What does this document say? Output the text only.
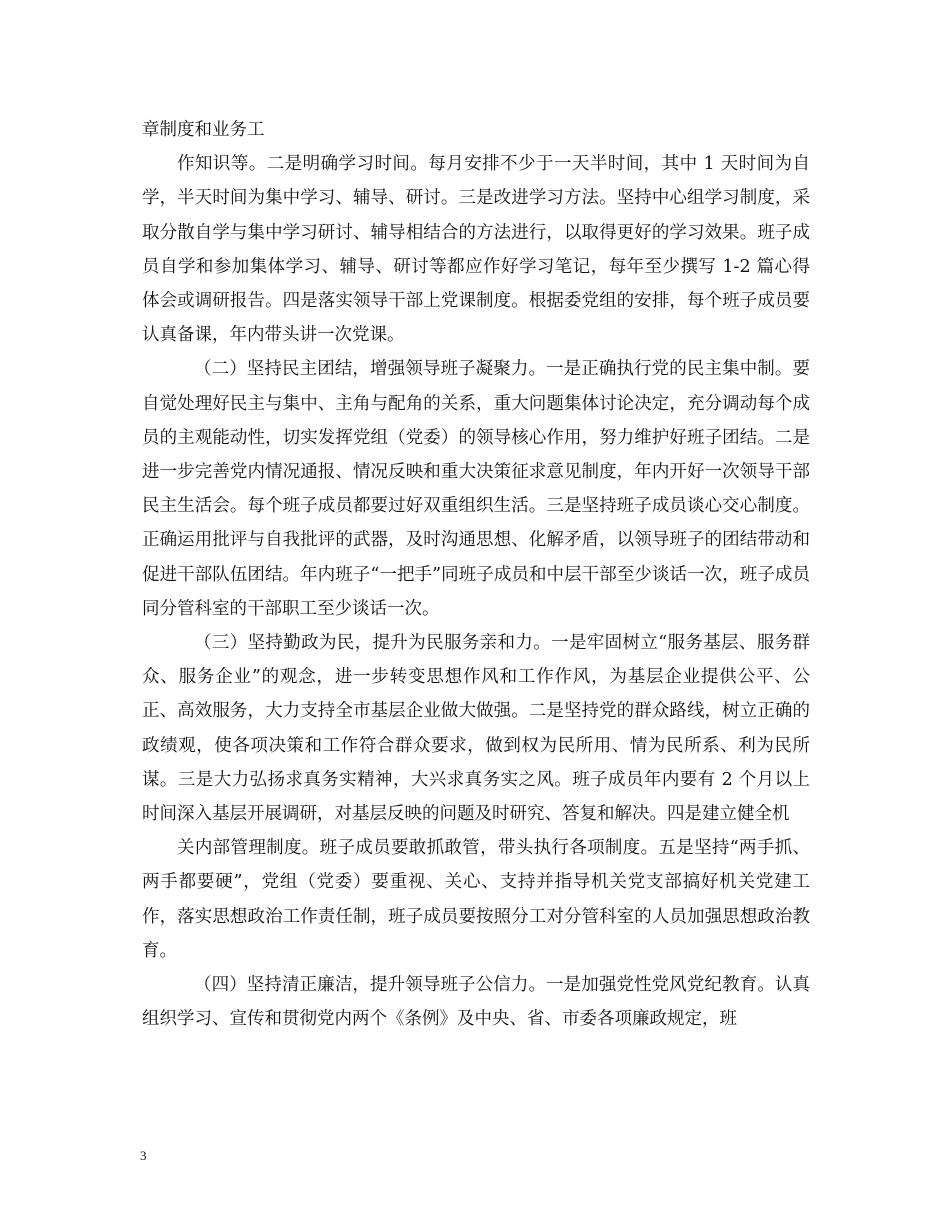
章制度和业务工

作知识等。二是明确学习时间。每月安排不少于一天半时间，其中 1 天时间为自学，半天时间为集中学习、辅导、研讨。三是改进学习方法。坚持中心组学习制度，采取分散自学与集中学习研讨、辅导相结合的方法进行，以取得更好的学习效果。班子成员自学和参加集体学习、辅导、研讨等都应作好学习笔记，每年至少撰写 1-2 篇心得体会或调研报告。四是落实领导干部上党课制度。根据委党组的安排，每个班子成员要认真备课，年内带头讲一次党课。

（二）坚持民主团结，增强领导班子凝聚力。一是正确执行党的民主集中制。要自觉处理好民主与集中、主角与配角的关系，重大问题集体讨论决定，充分调动每个成员的主观能动性，切实发挥党组（党委）的领导核心作用，努力维护好班子团结。二是进一步完善党内情况通报、情况反映和重大决策征求意见制度，年内开好一次领导干部民主生活会。每个班子成员都要过好双重组织生活。三是坚持班子成员谈心交心制度。正确运用批评与自我批评的武器，及时沟通思想、化解矛盾，以领导班子的团结带动和促进干部队伍团结。年内班子“一把手”同班子成员和中层干部至少谈话一次，班子成员同分管科室的干部职工至少谈话一次。

（三）坚持勤政为民，提升为民服务亲和力。一是牢固树立“服务基层、服务群众、服务企业”的观念，进一步转变思想作风和工作作风，为基层企业提供公平、公正、高效服务，大力支持全市基层企业做大做强。二是坚持党的群众路线，树立正确的政绩观，使各项决策和工作符合群众要求，做到权为民所用、情为民所系、利为民所谋。三是大力弘扬求真务实精神，大兴求真务实之风。班子成员年内要有 2 个月以上时间深入基层开展调研，对基层反映的问题及时研究、答复和解决。四是建立健全机

关内部管理制度。班子成员要敢抓敢管，带头执行各项制度。五是坚持“两手抓、两手都要硬”，党组（党委）要重视、关心、支持并指导机关党支部搞好机关党建工作，落实思想政治工作责任制，班子成员要按照分工对分管科室的人员加强思想政治教育。

（四）坚持清正廉洁，提升领导班子公信力。一是加强党性党风党纪教育。认真组织学习、宣传和贯彻党内两个《条例》及中央、省、市委各项廉政规定，班

3
